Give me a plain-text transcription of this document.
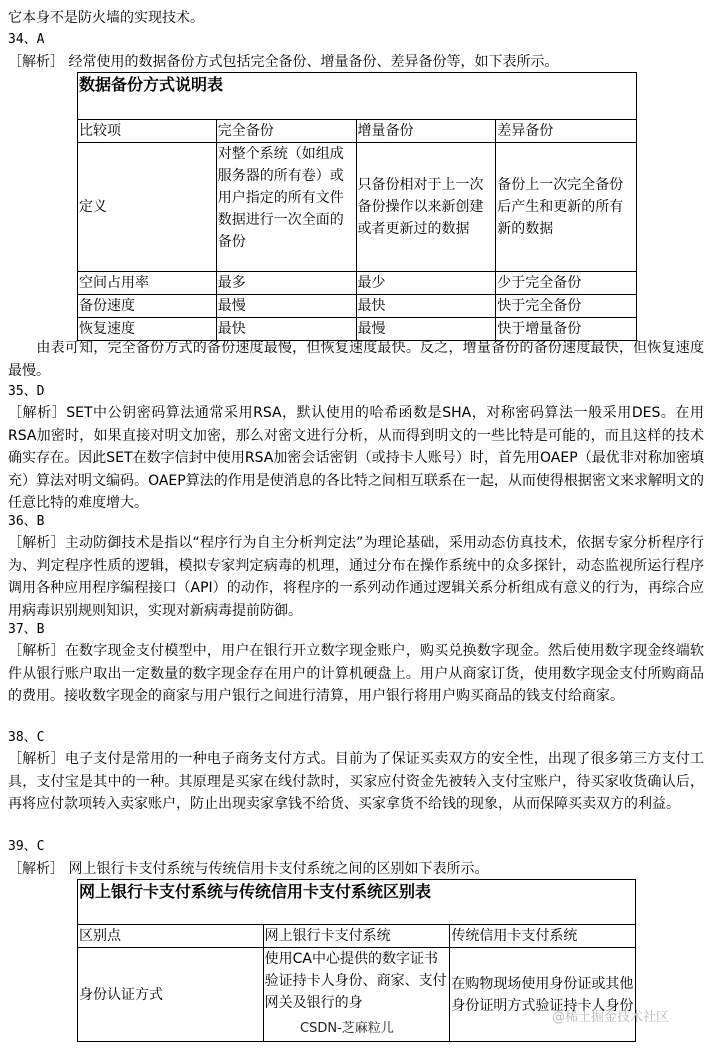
它本身不是防火墙的实现技术。
34、A
［解析］ 经常使用的数据备份方式包括完全备份、增量备份、差异备份等，如下表所示。
数据备份方式说明表			
比较项	完全备份	增量备份	差异备份
定义	对整个系统（如组成服务器的所有卷）或用户指定的所有文件数据进行一次全面的备份	只备份相对于上一次备份操作以来新创建或者更新过的数据	备份上一次完全备份后产生和更新的所有新的数据
空间占用率	最多	最少	少于完全备份
备份速度	最慢	最快	快于完全备份
恢复速度	最快	最慢	快于增量备份
　　由表可知，完全备份方式的备份速度最慢，但恢复速度最快。反之，增量备份的备份速度最快，但恢复速度最慢。
35、D
［解析］SET中公钥密码算法通常采用RSA，默认使用的哈希函数是SHA，对称密码算法一般采用DES。在用RSA加密时，如果直接对明文加密，那么对密文进行分析，从而得到明文的一些比特是可能的，而且这样的技术确实存在。因此SET在数字信封中使用RSA加密会话密钥（或持卡人账号）时，首先用OAEP（最优非对称加密填充）算法对明文编码。OAEP算法的作用是使消息的各比特之间相互联系在一起，从而使得根据密文来求解明文的任意比特的难度增大。
36、B
［解析］主动防御技术是指以“程序行为自主分析判定法”为理论基础，采用动态仿真技术，依据专家分析程序行为、判定程序性质的逻辑，模拟专家判定病毒的机理，通过分布在操作系统中的众多探针，动态监视所运行程序调用各种应用程序编程接口（API）的动作，将程序的一系列动作通过逻辑关系分析组成有意义的行为，再综合应用病毒识别规则知识，实现对新病毒提前防御。
37、B
［解析］在数字现金支付模型中，用户在银行开立数字现金账户，购买兑换数字现金。然后使用数字现金终端软件从银行账户取出一定数量的数字现金存在用户的计算机硬盘上。用户从商家订货，使用数字现金支付所购商品的费用。接收数字现金的商家与用户银行之间进行清算，用户银行将用户购买商品的钱支付给商家。
38、C
［解析］电子支付是常用的一种电子商务支付方式。目前为了保证买卖双方的安全性，出现了很多第三方支付工具，支付宝是其中的一种。其原理是买家在线付款时，买家应付资金先被转入支付宝账户，待买家收货确认后，再将应付款项转入卖家账户，防止出现卖家拿钱不给货、买家拿货不给钱的现象，从而保障买卖双方的利益。
39、C
［解析］ 网上银行卡支付系统与传统信用卡支付系统之间的区别如下表所示。
网上银行卡支付系统与传统信用卡支付系统区别表		
区别点	网上银行卡支付系统	传统信用卡支付系统
身份认证方式	使用CA中心提供的数字证书验证持卡人身份、商家、支付网关及银行的身	在购物现场使用身份证或其他身份证明方式验证持卡人身份
@稀土掘金技术社区
CSDN-芝麻粒儿
